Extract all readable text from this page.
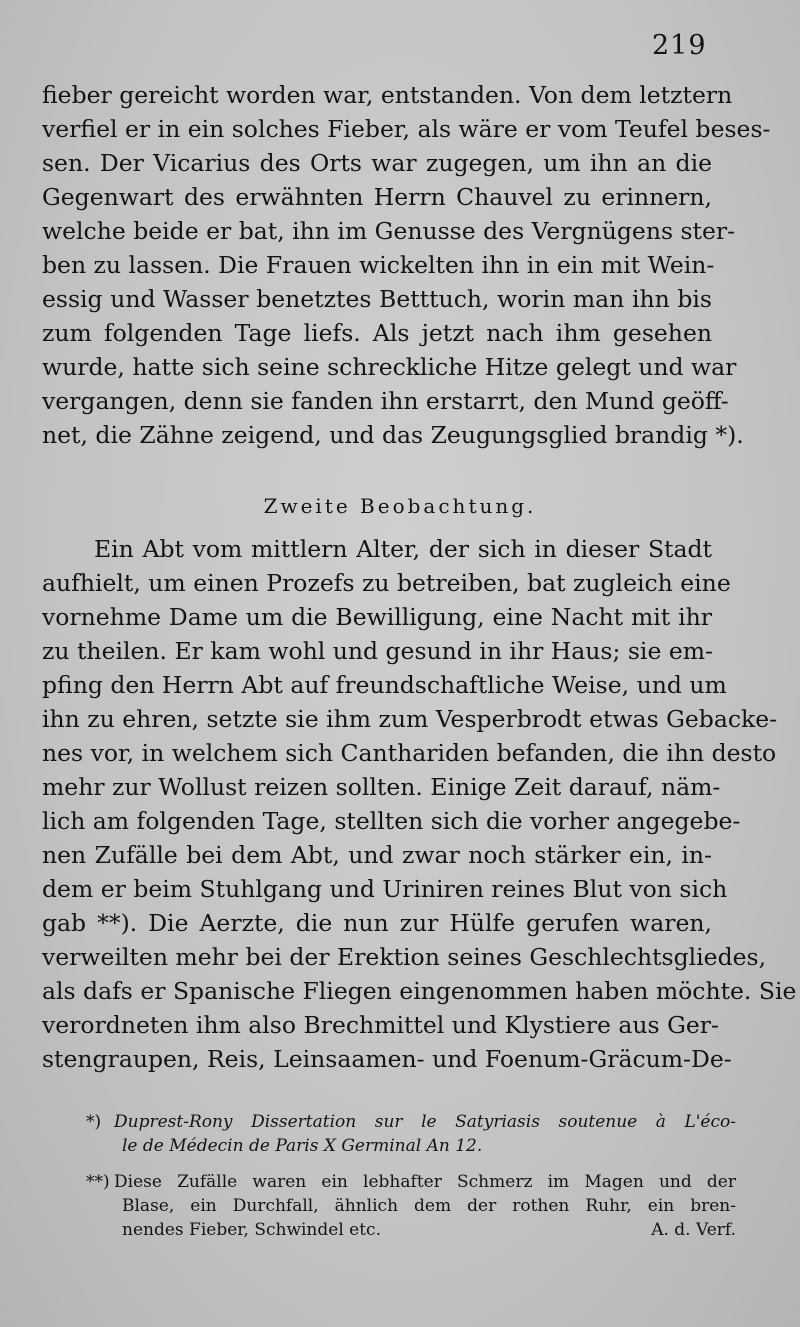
219
fieber gereicht worden war, entstanden. Von dem letztern
verfiel er in ein solches Fieber, als wäre er vom Teufel beses-
sen. Der Vicarius des Orts war zugegen, um ihn an die
Gegenwart des erwähnten Herrn Chauvel zu erinnern,
welche beide er bat, ihn im Genusse des Vergnügens ster-
ben zu lassen. Die Frauen wickelten ihn in ein mit Wein-
essig und Wasser benetztes Betttuch, worin man ihn bis
zum folgenden Tage liefs. Als jetzt nach ihm gesehen
wurde, hatte sich seine schreckliche Hitze gelegt und war
vergangen, denn sie fanden ihn erstarrt, den Mund geöff-
net, die Zähne zeigend, und das Zeugungsglied brandig *).
Zweite Beobachtung.
Ein Abt vom mittlern Alter, der sich in dieser Stadt
aufhielt, um einen Prozefs zu betreiben, bat zugleich eine
vornehme Dame um die Bewilligung, eine Nacht mit ihr
zu theilen. Er kam wohl und gesund in ihr Haus; sie em-
pfing den Herrn Abt auf freundschaftliche Weise, und um
ihn zu ehren, setzte sie ihm zum Vesperbrodt etwas Gebacke-
nes vor, in welchem sich Canthariden befanden, die ihn desto
mehr zur Wollust reizen sollten. Einige Zeit darauf, näm-
lich am folgenden Tage, stellten sich die vorher angegebe-
nen Zufälle bei dem Abt, und zwar noch stärker ein, in-
dem er beim Stuhlgang und Uriniren reines Blut von sich
gab **). Die Aerzte, die nun zur Hülfe gerufen waren,
verweilten mehr bei der Erektion seines Geschlechtsgliedes,
als dafs er Spanische Fliegen eingenommen haben möchte. Sie
verordneten ihm also Brechmittel und Klystiere aus Ger-
stengraupen, Reis, Leinsaamen- und Foenum-Gräcum-De-
*) Duprest-Rony Dissertation sur le Satyriasis soutenue à L'éco-
le de Médecin de Paris X Germinal An 12.
**) Diese Zufälle waren ein lebhafter Schmerz im Magen und der
Blase, ein Durchfall, ähnlich dem der rothen Ruhr, ein bren-
nendes Fieber, Schwindel etc.	A. d. Verf.
